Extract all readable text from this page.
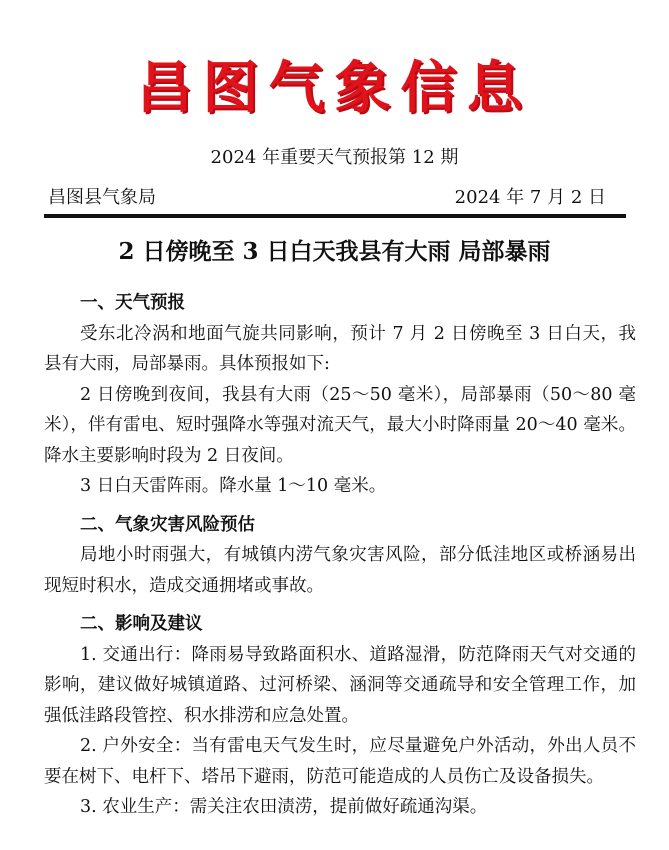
昌图气象信息
2024 年重要天气预报第 12 期
昌图县气象局	2024 年 7 月 2 日
2 日傍晚至 3 日白天我县有大雨 局部暴雨

一、天气预报

受东北冷涡和地面气旋共同影响，预计 7 月 2 日傍晚至 3 日白天，我县有大雨，局部暴雨。具体预报如下:

2 日傍晚到夜间，我县有大雨（25～50 毫米），局部暴雨（50～80 毫米），伴有雷电、短时强降水等强对流天气，最大小时降雨量 20～40 毫米。降水主要影响时段为 2 日夜间。

3 日白天雷阵雨。降水量 1～10 毫米。

二、气象灾害风险预估

局地小时雨强大，有城镇内涝气象灾害风险，部分低洼地区或桥涵易出现短时积水，造成交通拥堵或事故。

二、影响及建议

1. 交通出行：降雨易导致路面积水、道路湿滑，防范降雨天气对交通的影响，建议做好城镇道路、过河桥梁、涵洞等交通疏导和安全管理工作，加强低洼路段管控、积水排涝和应急处置。

2. 户外安全：当有雷电天气发生时，应尽量避免户外活动，外出人员不要在树下、电杆下、塔吊下避雨，防范可能造成的人员伤亡及设备损失。

3. 农业生产：需关注农田渍涝，提前做好疏通沟渠。
